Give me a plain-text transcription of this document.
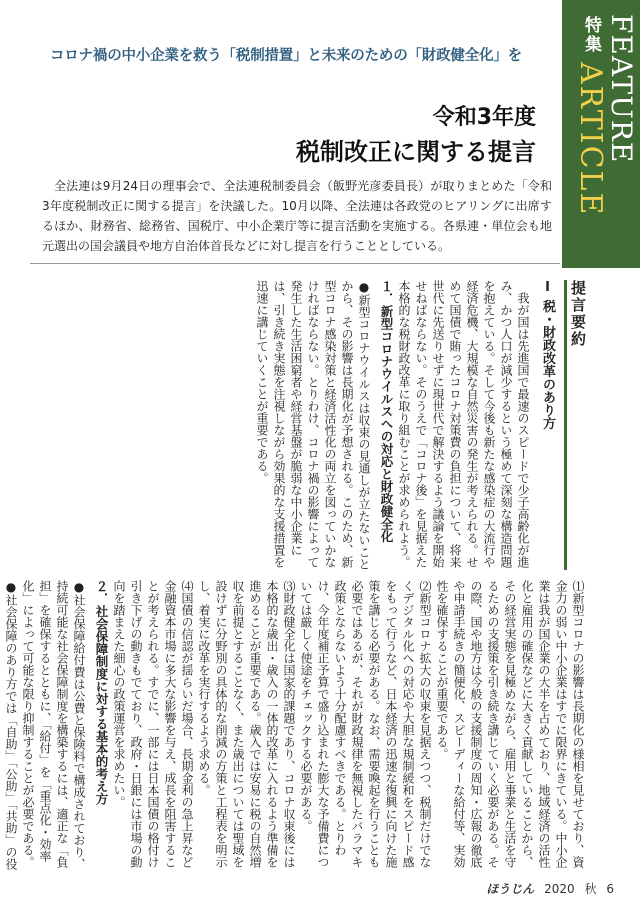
FEATURE
特集
ARTICLE
コロナ禍の中小企業を救う「税制措置」と未来のための「財政健全化」を
令和3年度
税制改正に関する提言
全法連は9月24日の理事会で、全法連税制委員会（飯野光彦委員長）が取りまとめた「令和3年度税制改正に関する提言」を決議した。10月以降、全法連は各政党のヒアリングに出席するほか、財務省、総務省、国税庁、中小企業庁等に提言活動を実施する。各県連・単位会も地元選出の国会議員や地方自治体首長などに対し提言を行うこととしている。
提言要約
Ⅰ 税・財政改革のあり方
我が国は先進国で最速のスピードで少子高齢化が進み、かつ人口が減少するという極めて深刻な構造問題を抱えている。そして今後も新たな感染症の大流行や経済危機、大規模な自然災害の発生が考えられる。せめて国債で賄ったコロナ対策費の負担について、将来世代に先送りせずに現世代で解決するよう議論を開始せねばならない。そのうえで「コロナ後」を見据えた本格的な税財政改革に取り組むことが求められよう。
１．新型コロナウイルスへの対応と財政健全化
●新型コロナウイルスは収束の見通しが立たないことから、その影響は長期化が予想される。このため、新型コロナ感染対策と経済活性化の両立を図っていかなければならない。とりわけ、コロナ禍の影響によって発生した生活困窮者や経営基盤が脆弱な中小企業には、引き続き実態を注視しながら効果的な支援措置を迅速に講じていくことが重要である。
⑴新型コロナの影響は長期化の様相を見せており、資金力の弱い中小企業はすでに限界にきている。中小企業は我が国企業の大半を占めており、地域経済の活性化と雇用の確保などに大きく貢献していることから、その経営実態を見極めながら、雇用と事業と生活を守るための支援策を引き続き講じていく必要がある。その際、国や地方は今般の支援制度の周知・広報の徹底や申請手続きの簡便化、スピーディーな給付等、実効性を確保することが重要である。
⑵新型コロナ拡大の収束を見据えつつ、税制だけでなくデジタル化への対応や大胆な規制緩和をスピード感をもって行うなど、日本経済の迅速な復興に向けた施策を講じる必要がある。なお、需要喚起を行うことも必要ではあるが、それが財政規律を無視したバラマキ政策とならないよう十分配慮すべきである。とりわけ、今年度補正予算で盛り込まれた膨大な予備費については厳しく使途をチェックする必要がある。
⑶財政健全化は国家的課題であり、コロナ収束後には本格的な歳出・歳入の一体的改革に入れるよう準備を進めることが重要である。歳入では安易に税の自然増収を前提とすることなく、また歳出については聖域を設けずに分野別の具体的な削減の方策と工程表を明示し、着実に改革を実行するよう求める。
⑷国債の信認が揺らいだ場合、長期金利の急上昇など金融資本市場に多大な影響を与え、成長を阻害することが考えられる。すでに、一部には日本国債の格付け引き下げの動きもでており、政府・日銀には市場の動向を踏まえた細心の政策運営を求めたい。
２．社会保障制度に対する基本的考え方
●社会保障給付費は公費と保険料で構成されており、持続可能な社会保障制度を構築するには、適正な「負担」を確保するとともに、「給付」を「重点化・効率化」によって可能な限り抑制することが必要である。
●社会保障のあり方では「自助」「公助」「共助」の役
ほうじん 2020 秋 6
